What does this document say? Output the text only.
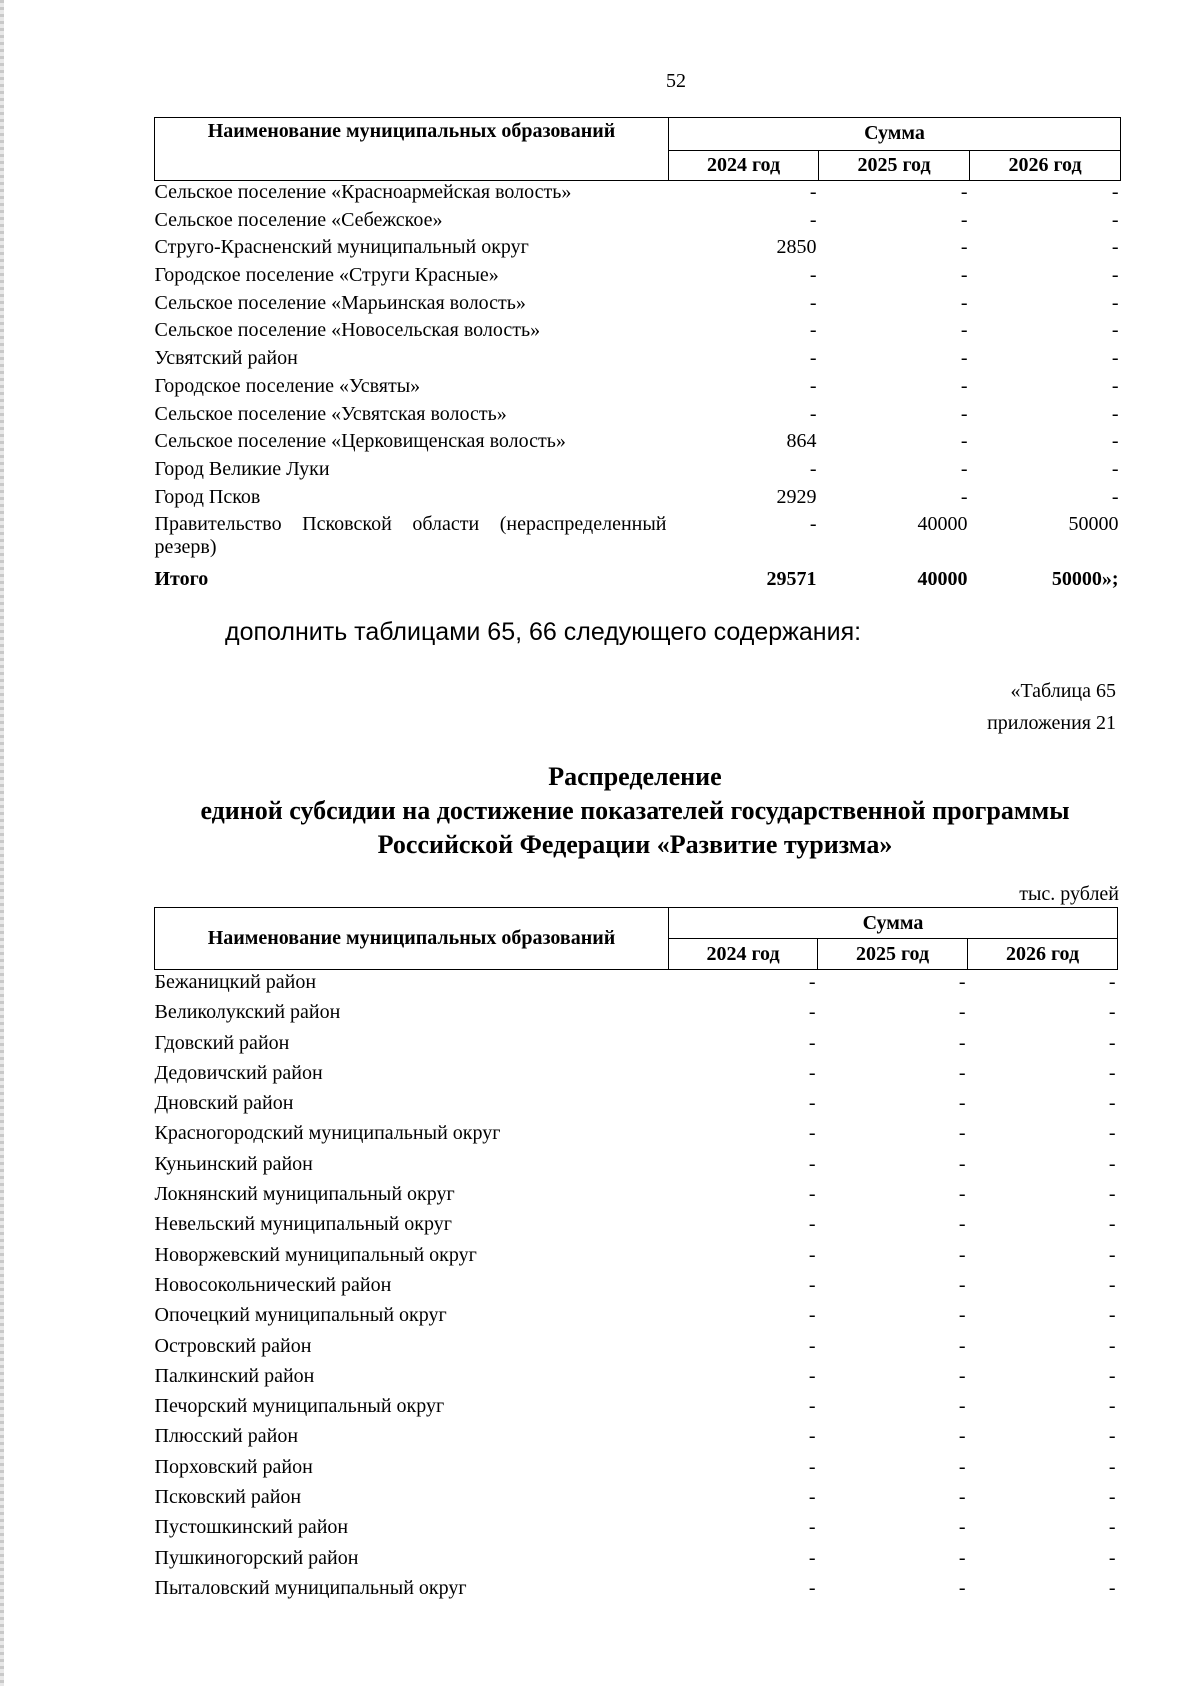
52
Наименование муниципальных образований	Сумма		
	2024 год	2025 год	2026 год
Сельское поселение «Красноармейская волость»	-	-	-
Сельское поселение «Себежское»	-	-	-
Струго-Красненский муниципальный округ	2850	-	-
Городское поселение «Струги Красные»	-	-	-
Сельское поселение «Марьинская волость»	-	-	-
Сельское поселение «Новосельская волость»	-	-	-
Усвятский район	-	-	-
Городское поселение «Усвяты»	-	-	-
Сельское поселение «Усвятская волость»	-	-	-
Сельское поселение «Церковищенская волость»	864	-	-
Город Великие Луки	-	-	-
Город Псков	2929	-	-
Правительство Псковской области (нераспределенный резерв)	-	40000	50000
Итого	29571	40000	50000»;
дополнить таблицами 65, 66 следующего содержания:
«Таблица 65
приложения 21
Распределение
единой субсидии на достижение показателей государственной программы
Российской Федерации «Развитие туризма»
тыс. рублей
Наименование муниципальных образований	Сумма		
	2024 год	2025 год	2026 год
Бежаницкий район	-	-	-
Великолукский район	-	-	-
Гдовский район	-	-	-
Дедовичский район	-	-	-
Дновский район	-	-	-
Красногородский муниципальный округ	-	-	-
Куньинский район	-	-	-
Локнянский муниципальный округ	-	-	-
Невельский муниципальный округ	-	-	-
Новоржевский муниципальный округ	-	-	-
Новосокольнический район	-	-	-
Опочецкий муниципальный округ	-	-	-
Островский район	-	-	-
Палкинский район	-	-	-
Печорский муниципальный округ	-	-	-
Плюсский район	-	-	-
Порховский район	-	-	-
Псковский район	-	-	-
Пустошкинский район	-	-	-
Пушкиногорский район	-	-	-
Пыталовский муниципальный округ	-	-	-
